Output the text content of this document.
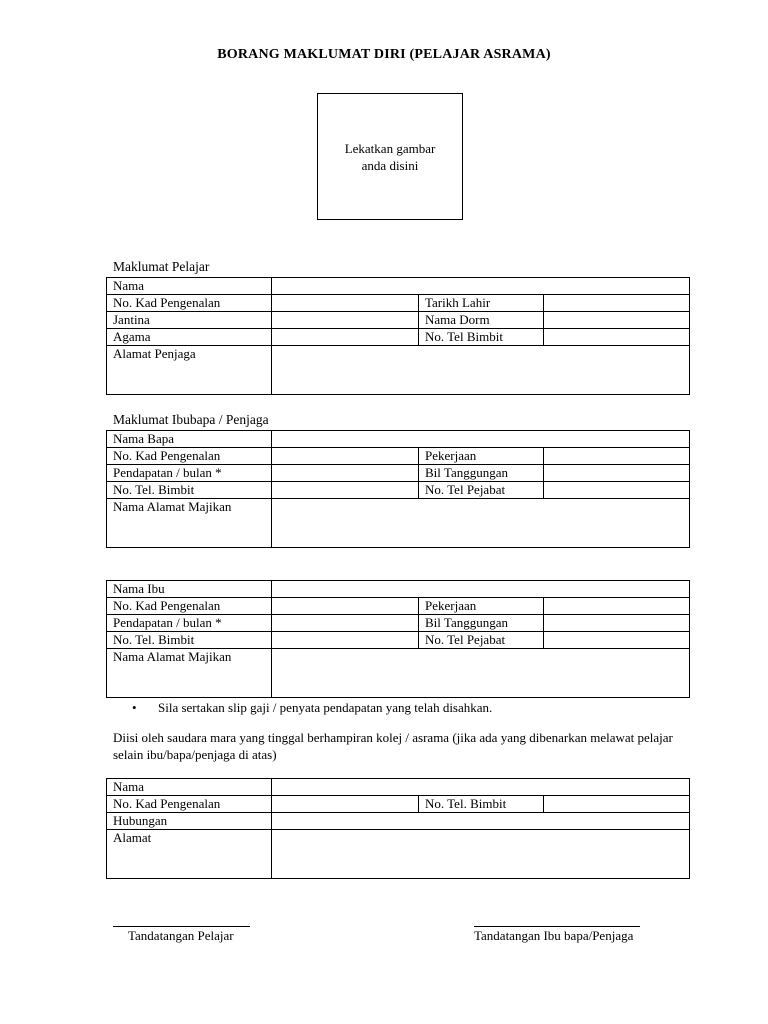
BORANG MAKLUMAT DIRI (PELAJAR ASRAMA)
Lekatkan gambar
anda disini
Maklumat Pelajar
Nama			
No. Kad Pengenalan		Tarikh Lahir	
Jantina		Nama Dorm	
Agama		No. Tel Bimbit	
Alamat Penjaga			
Maklumat Ibubapa / Penjaga
Nama Bapa			
No. Kad Pengenalan		Pekerjaan	
Pendapatan / bulan *		Bil Tanggungan	
No. Tel. Bimbit		No. Tel Pejabat	
Nama Alamat Majikan			
Nama Ibu			
No. Kad Pengenalan		Pekerjaan	
Pendapatan / bulan *		Bil Tanggungan	
No. Tel. Bimbit		No. Tel Pejabat	
Nama Alamat Majikan			
• Sila sertakan slip gaji / penyata pendapatan yang telah disahkan.
Diisi oleh saudara mara yang tinggal berhampiran kolej / asrama (jika ada yang dibenarkan melawat pelajar selain ibu/bapa/penjaga di atas)
Nama			
No. Kad Pengenalan		No. Tel. Bimbit	
Hubungan			
Alamat			
Tandatangan Pelajar	Tandatangan Ibu bapa/Penjaga
